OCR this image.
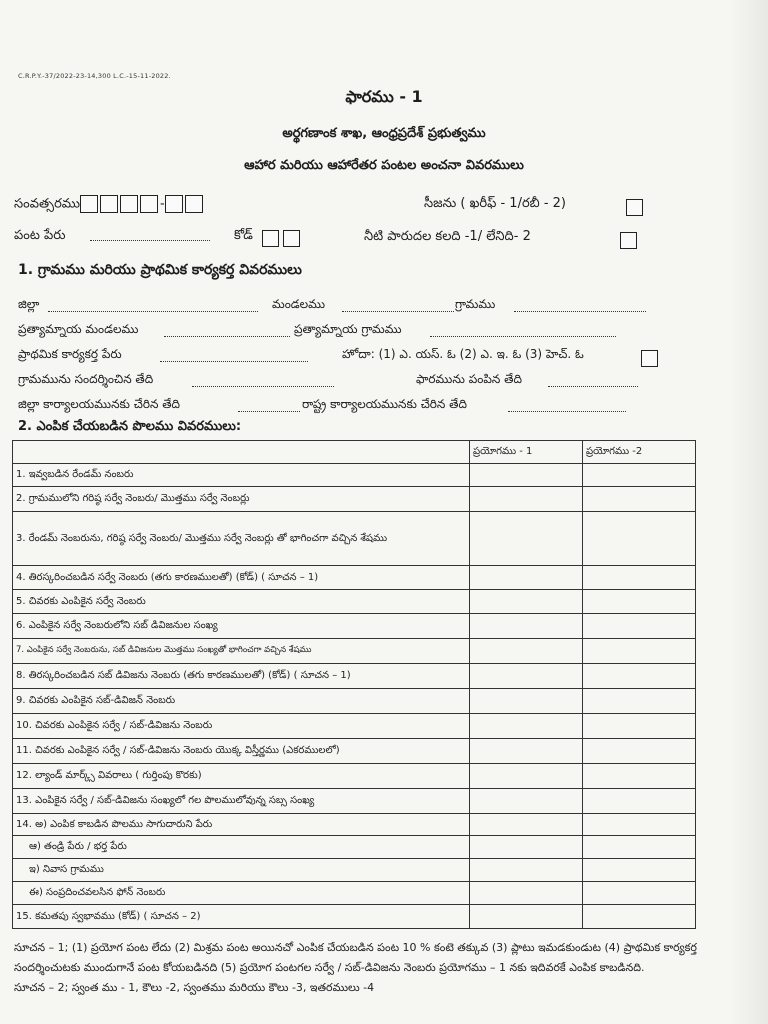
C.R.P.Y.-37/2022-23-14,300 L.C.-15-11-2022.
ఫారము - 1
అర్థగణాంక శాఖ, ఆంధ్రప్రదేశ్ ప్రభుత్వము
ఆహార మరియు ఆహారేతర పంటల అంచనా వివరములు
సంవత్సరము	-	సీజను ( ఖరీఫ్ - 1/రబీ - 2)
పంట పేరు	కోడ్	నీటి పారుదల కలది -1/ లేనిది- 2
1. గ్రామము మరియు ప్రాథమిక కార్యకర్త వివరములు
జిల్లా	మండలము	గ్రామము
ప్రత్యామ్నాయ మండలము	ప్రత్యామ్నాయ గ్రామము
ప్రాథమిక కార్యకర్త పేరు	హోదా: (1) ఎ. యస్. ఓ (2) ఎ. ఇ. ఓ (3) హెచ్. ఓ
గ్రామమును సందర్శించిన తేది	ఫారమును పంపిన తేది
జిల్లా కార్యాలయమునకు చేరిన తేది	రాష్ట్ర కార్యాలయమునకు చేరిన తేది
2. ఎంపిక చేయబడిన పొలము వివరములు:
	ప్రయోగము - 1	ప్రయోగము -2
1. ఇవ్వబడిన రేండమ్ నంబరు		
2. గ్రామములోని గరిష్ఠ సర్వే నెంబరు/ మొత్తము సర్వే నెంబర్లు		
3. రేండమ్ నెంబరును, గరిష్ఠ సర్వే నెంబరు/ మొత్తము సర్వే నెంబర్లు తో భాగించగా వచ్చిన శేషము		
4. తిరస్కరించబడిన సర్వే నెంబరు (తగు కారణములతో) (కోడ్) ( సూచన – 1)		
5. చివరకు ఎంపికైన సర్వే నెంబరు		
6. ఎంపికైన సర్వే నెంబరులోని సబ్ డివిజనుల సంఖ్య		
7. ఎంపికైన సర్వే నెంబరును, సబ్ డివిజనుల మొత్తము సంఖ్యతో భాగించగా వచ్చిన శేషము		
8. తిరస్కరించబడిన సబ్ డివిజను నెంబరు (తగు కారణములతో) (కోడ్) ( సూచన – 1)		
9. చివరకు ఎంపికైన సబ్-డివిజన్ నెంబరు		
10. చివరకు ఎంపికైన సర్వే / సబ్-డివిజను నెంబరు		
11. చివరకు ఎంపికైన సర్వే / సబ్-డివిజను నెంబరు యొక్క విస్తీర్ణము (ఎకరములలో)		
12. ల్యాండ్ మార్క్స్ వివరాలు ( గుర్తింపు కొరకు)		
13. ఎంపికైన సర్వే / సబ్-డివిజను సంఖ్యలో గల పొలములోవున్న సబ్స సంఖ్య		
14. అ) ఎంపిక కాబడిన పొలము సాగుదారుని పేరు		
ఆ) తండ్రి పేరు / భర్త పేరు		
ఇ) నివాస గ్రామము		
ఈ) సంప్రదించవలసిన ఫోన్ నెంబరు		
15. కమతపు స్వభావము (కోడ్) ( సూచన – 2)		
సూచన – 1; (1) ప్రయోగ పంట లేదు (2) మిశ్రమ పంట అయినచో ఎంపిక చేయబడిన పంట 10 % కంటె తక్కువ (3) ప్లాటు ఇమడకుండుట (4) ప్రాథమిక కార్యకర్త సందర్శించుటకు ముందుగానే పంట కోయబడినది (5) ప్రయోగ పంటగల సర్వే / సబ్-డివిజను నెంబరు ప్రయోగము – 1 నకు ఇదివరకే ఎంపిక కాబడినది.
సూచన – 2; స్వంత ము - 1, కౌలు -2, స్వంతము మరియు కౌలు -3, ఇతరములు -4
